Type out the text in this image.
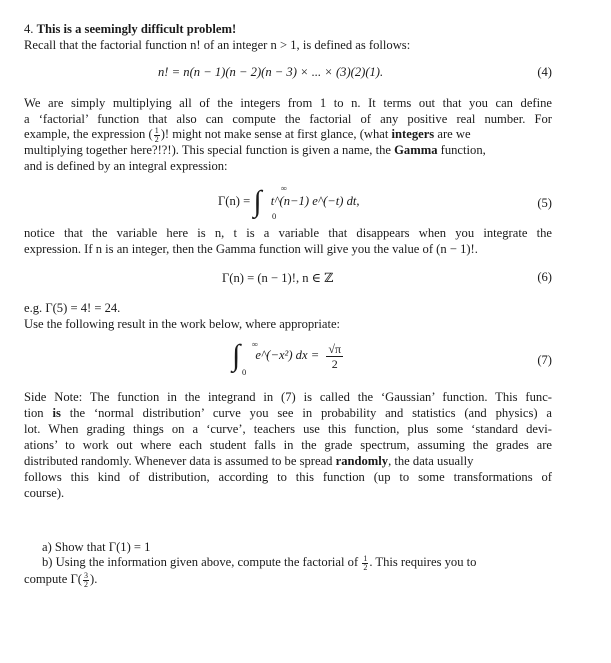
4. This is a seemingly difficult problem!
Recall that the factorial function n! of an integer n > 1, is defined as follows:
n! = n(n − 1)(n − 2)(n − 3) × ... × (3)(2)(1).	(4)
We are simply multiplying all of the integers from 1 to n. It terms out that you can define
a ‘factorial’ function that also can compute the factorial of any positive real number. For
example, the expression ( $\frac{1}{2}$ )! might not make sense at first glance, (what integers are we
multiplying together here?!?!). This special function is given a name, the Gamma function,
and is defined by an integral expression:
Γ(n) = ∫ ∞
0
t^(n−1) e^(−t) dt,	(5)
notice that the variable here is n, t is a variable that disappears when you integrate the
expression. If n is an integer, then the Gamma function will give you the value of (n − 1)!.
Γ(n) = (n − 1)!, n ∈ ℤ	(6)
e.g. Γ(5) = 4! = 24.
Use the following result in the work below, where appropriate:
∫ ∞
0
e^(−x²) dx = $\frac{√\pi}{2}$	(7)
Side Note: The function in the integrand in (7) is called the ‘Gaussian’ function. This func-
tion is the ‘normal distribution’ curve you see in probability and statistics (and physics) a
lot. When grading things on a ‘curve’, teachers use this function, plus some ‘standard devi-
ations’ to work out where each student falls in the grade spectrum, assuming the grades are
distributed randomly. Whenever data is assumed to be spread randomly, the data usually
follows this kind of distribution, according to this function (up to some transformations of
course).
a) Show that Γ(1) = 1
b) Using the information given above, compute the factorial of $\frac{1}{2}$ . This requires you to
compute $\Gamma( \frac{3}{2}$ ).
